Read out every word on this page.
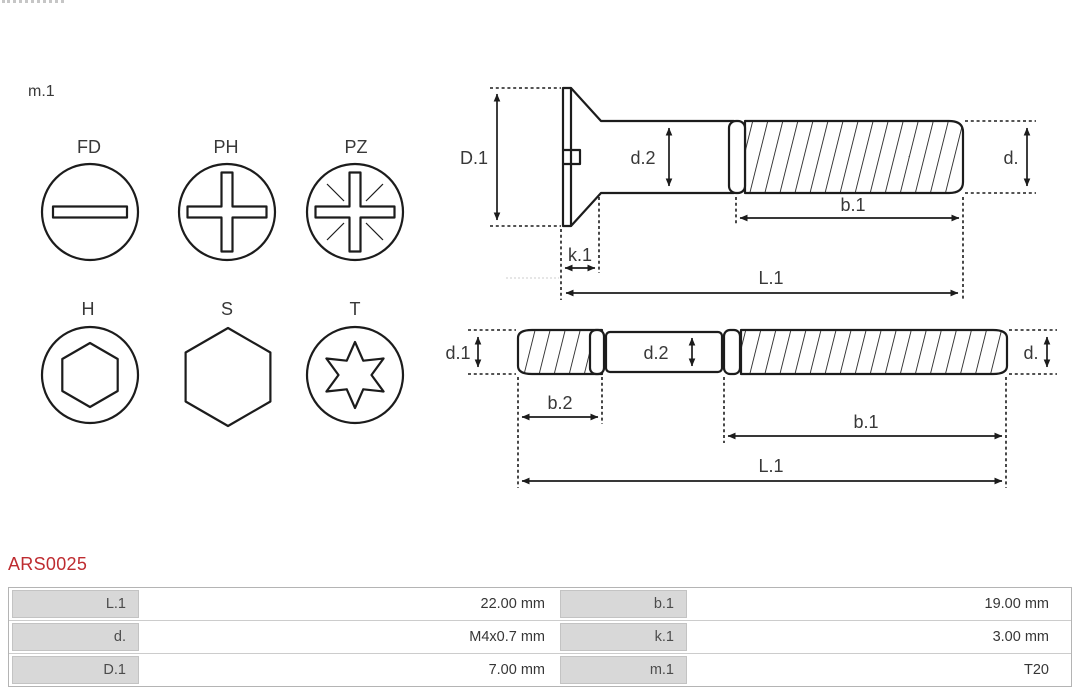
m.1
FD	PH	PZ
H	S	T
D.1	d.2	d.
b.1
k.1
L.1
d.1	d.2	d.
b.2
b.1
L.1
ARS0025
L.1	22.00 mm	b.1	19.00 mm
d.	M4x0.7 mm	k.1	3.00 mm
D.1	7.00 mm	m.1	T20
